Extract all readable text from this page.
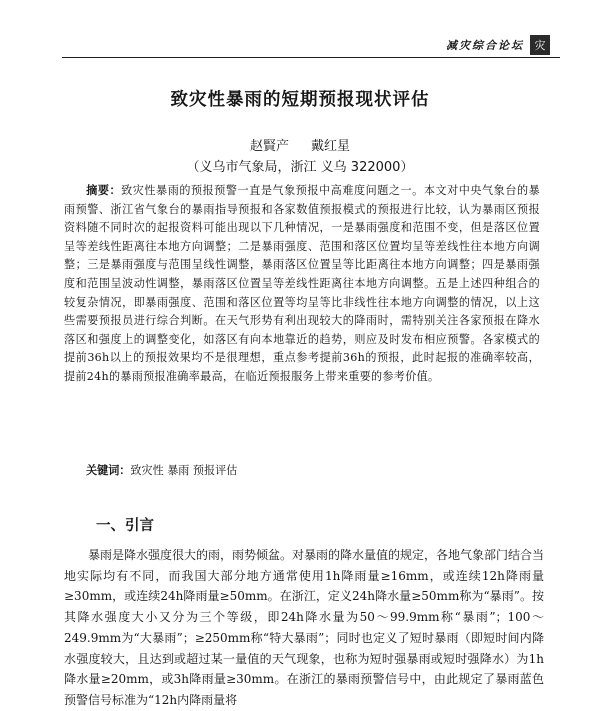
减灾综合论坛 灾
致灾性暴雨的短期预报现状评估
赵賢产 戴红星
（义乌市气象局，浙江 义乌 322000）

摘要：致灾性暴雨的预报预警一直是气象预报中高难度问题之一。本文对中央气象台的暴雨预警、浙江省气象台的暴雨指导预报和各家数值预报模式的预报进行比较，认为暴雨区预报资料随不同时次的起报资料可能出现以下几种情况，一是暴雨强度和范围不变，但是落区位置呈等差线性距离往本地方向调整；二是暴雨强度、范围和落区位置均呈等差线性往本地方向调整；三是暴雨强度与范围呈线性调整，暴雨落区位置呈等比距离往本地方向调整；四是暴雨强度和范围呈波动性调整，暴雨落区位置呈等差线性距离往本地方向调整。五是上述四种组合的较复杂情况，即暴雨强度、范围和落区位置等均呈等比非线性往本地方向调整的情况，以上这些需要预报员进行综合判断。在天气形势有利出现较大的降雨时，需特别关注各家预报在降水落区和强度上的调整变化，如落区有向本地靠近的趋势，则应及时发布相应预警。各家模式的提前36h以上的预报效果均不是很理想，重点参考提前36h的预报，此时起报的准确率较高，提前24h的暴雨预报准确率最高，在临近预报服务上带来重要的参考价值。

关键词：致灾性 暴雨 预报评估

一、引言

暴雨是降水强度很大的雨，雨势倾盆。对暴雨的降水量值的规定，各地气象部门结合当地实际均有不同，而我国大部分地方通常使用1h降雨量≥16mm，或连续12h降雨量≥30mm，或连续24h降雨量≥50mm。在浙江，定义24h降水量≥50mm称为“暴雨”。按其降水强度大小又分为三个等级，即24h降水量为50～99.9mm称“暴雨”；100～249.9mm为“大暴雨”；≥250mm称“特大暴雨”；同时也定义了短时暴雨（即短时间内降水强度较大，且达到或超过某一量值的天气现象，也称为短时强暴雨或短时强降水）为1h降水量≥20mm，或3h降雨量≥30mm。在浙江的暴雨预警信号中，由此规定了暴雨蓝色预警信号标准为“12h内降雨量将
